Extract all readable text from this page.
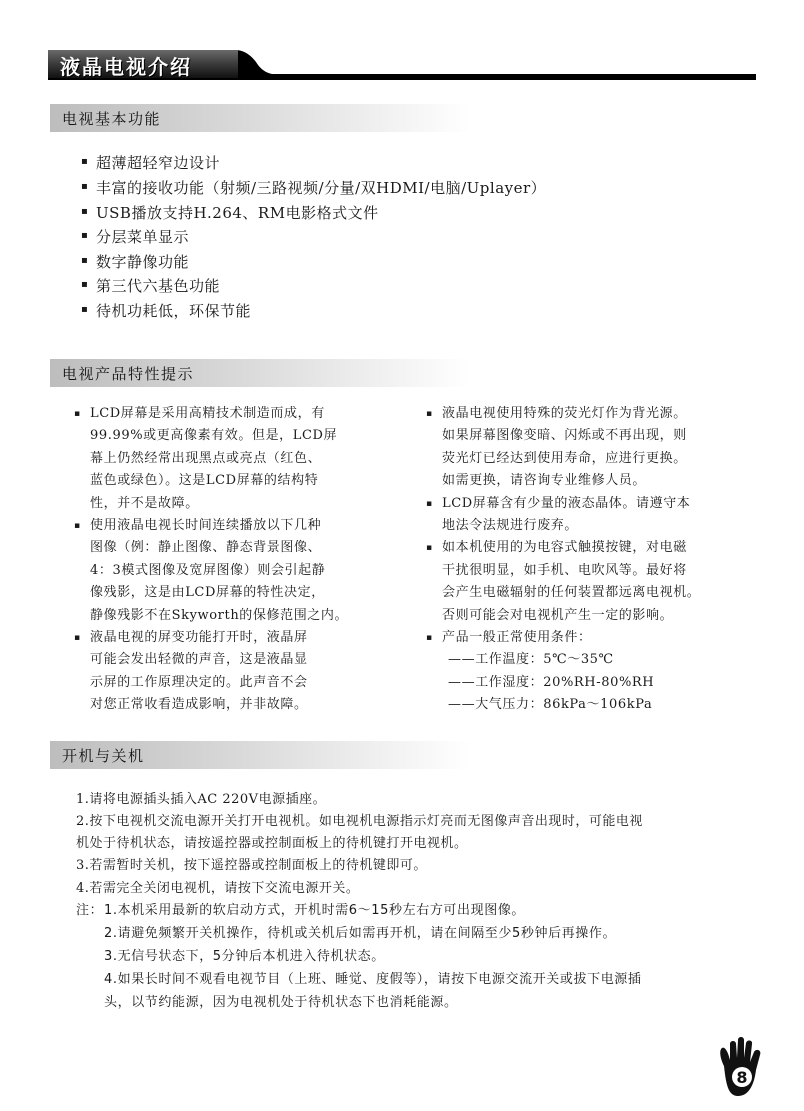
液晶电视介绍
电视基本功能
▪ 超薄超轻窄边设计
▪ 丰富的接收功能（射频/三路视频/分量/双HDMI/电脑/Uplayer）
▪ USB播放支持H.264、RM电影格式文件
▪ 分层菜单显示
▪ 数字静像功能
▪ 第三代六基色功能
▪ 待机功耗低，环保节能
电视产品特性提示
▪ LCD屏幕是采用高精技术制造而成，有
99.99%或更高像素有效。但是，LCD屏
幕上仍然经常出现黑点或亮点（红色、
蓝色或绿色）。这是LCD屏幕的结构特
性，并不是故障。
▪ 使用液晶电视长时间连续播放以下几种
图像（例：静止图像、静态背景图像、
4：3模式图像及宽屏图像）则会引起静
像残影，这是由LCD屏幕的特性决定，
静像残影不在Skyworth的保修范围之内。
▪ 液晶电视的屏变功能打开时，液晶屏
可能会发出轻微的声音，这是液晶显
示屏的工作原理决定的。此声音不会
对您正常收看造成影响，并非故障。
▪ 液晶电视使用特殊的荧光灯作为背光源。
如果屏幕图像变暗、闪烁或不再出现，则
荧光灯已经达到使用寿命，应进行更换。
如需更换，请咨询专业维修人员。
▪ LCD屏幕含有少量的液态晶体。请遵守本
地法令法规进行废弃。
▪ 如本机使用的为电容式触摸按键，对电磁
干扰很明显，如手机、电吹风等。最好将
会产生电磁辐射的任何装置都远离电视机。
否则可能会对电视机产生一定的影响。
▪ 产品一般正常使用条件：
——工作温度：5℃～35℃
——工作湿度：20%RH-80%RH
——大气压力：86kPa～106kPa
开机与关机
1.请将电源插头插入AC 220V电源插座。
2.按下电视机交流电源开关打开电视机。如电视机电源指示灯亮而无图像声音出现时，可能电视
机处于待机状态，请按遥控器或控制面板上的待机键打开电视机。
3.若需暂时关机，按下遥控器或控制面板上的待机键即可。
4.若需完全关闭电视机，请按下交流电源开关。
注： 1.本机采用最新的软启动方式，开机时需6〜15秒左右方可出现图像。
2.请避免频繁开关机操作，待机或关机后如需再开机，请在间隔至少5秒钟后再操作。
3.无信号状态下，5分钟后本机进入待机状态。
4.如果长时间不观看电视节目（上班、睡觉、度假等），请按下电源交流开关或拔下电源插
头，以节约能源，因为电视机处于待机状态下也消耗能源。
8
